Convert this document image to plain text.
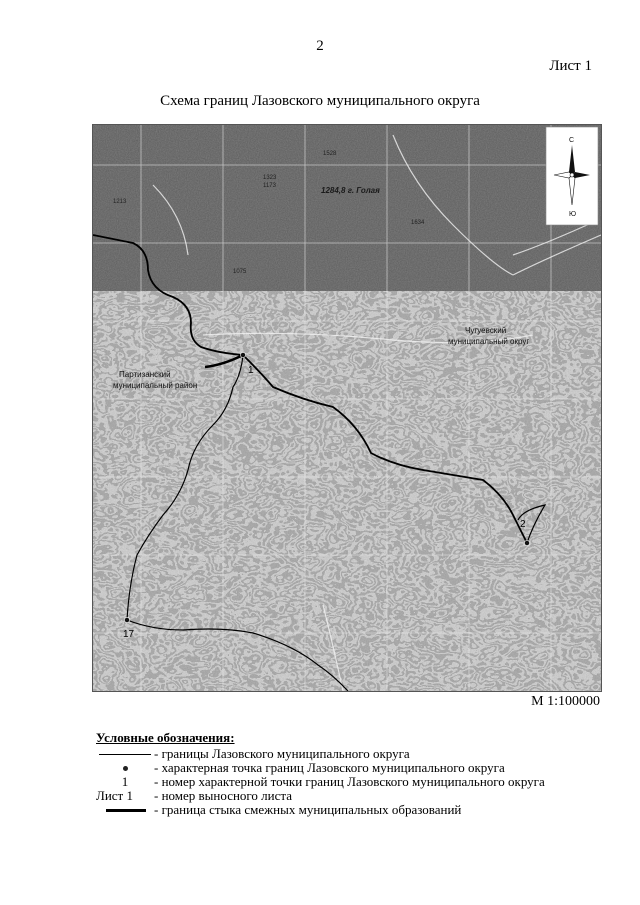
2
Лист 1
Схема границ Лазовского муниципального округа
1323
1528
1213
1634
1173
1075
1284,8 г. Голая
1
2
17
Партизанский
муниципальный район
Чугуевский
муниципальный округ
С
Ю
М 1:100000
Условные обозначения:
- границы Лазовского муниципального округа
- характерная точка границ Лазовского муниципального округа
1 - номер характерной точки границ Лазовского муниципального округа
Лист 1 - номер выносного листа
- граница стыка смежных муниципальных образований
